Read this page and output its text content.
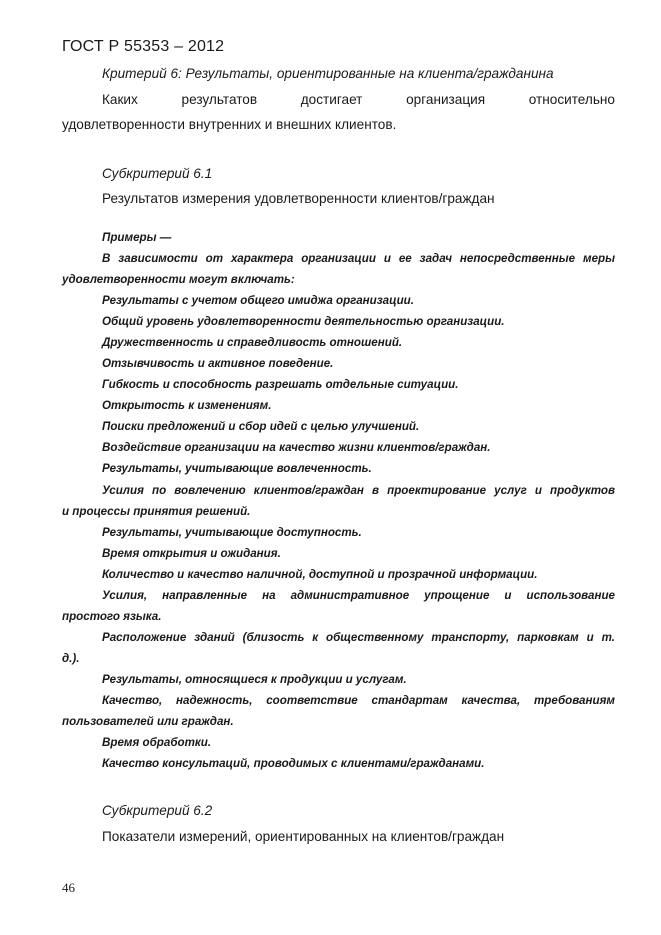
ГОСТ Р 55353 – 2012
Критерий 6: Результаты, ориентированные на клиента/гражданина
Каких	результатов	достигает	организация	относительно
удовлетворенности внутренних и внешних клиентов.
Субкритерий 6.1
Результатов измерения удовлетворенности клиентов/граждан
Примеры —
В зависимости от характера организации и ее задач непосредственные меры
удовлетворенности могут включать:
Результаты с учетом общего имиджа организации.
Общий уровень удовлетворенности деятельностью организации.
Дружественность и справедливость отношений.
Отзывчивость и активное поведение.
Гибкость и способность разрешать отдельные ситуации.
Открытость к изменениям.
Поиски предложений и сбор идей с целью улучшений.
Воздействие организации на качество жизни клиентов/граждан.
Результаты, учитывающие вовлеченность.
Усилия по вовлечению клиентов/граждан в проектирование услуг и продуктов
и процессы принятия решений.
Результаты, учитывающие доступность.
Время открытия и ожидания.
Количество и качество наличной, доступной и прозрачной информации.
Усилия, направленные на административное упрощение и использование
простого языка.
Расположение зданий (близость к общественному транспорту, парковкам и т.
д.).
Результаты, относящиеся к продукции и услугам.
Качество, надежность, соответствие стандартам качества, требованиям
пользователей или граждан.
Время обработки.
Качество консультаций, проводимых с клиентами/гражданами.
Субкритерий 6.2
Показатели измерений, ориентированных на клиентов/граждан
46
